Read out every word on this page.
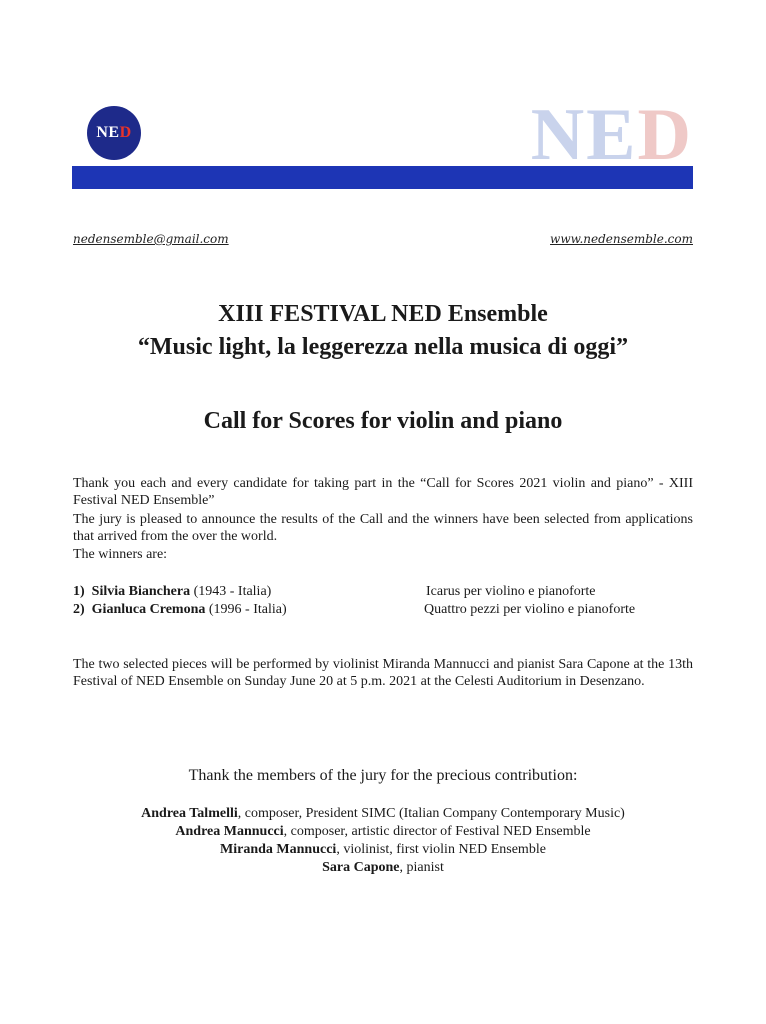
NE D	NED
nedensemble@gmail.com	www.nedensemble.com
XIII FESTIVAL NED Ensemble
“Music light, la leggerezza nella musica di oggi”
Call for Scores for violin and piano
Thank you each and every candidate for taking part in the “Call for Scores 2021 violin and piano” - XIII Festival NED Ensemble”
The jury is pleased to announce the results of the Call and the winners have been selected from applications that arrived from the over the world.
The winners are:
1) Silvia Bianchera (1943 - Italia)	Icarus per violino e pianoforte
2) Gianluca Cremona (1996 - Italia)	Quattro pezzi per violino e pianoforte
The two selected pieces will be performed by violinist Miranda Mannucci and pianist Sara Capone at the 13th Festival of NED Ensemble on Sunday June 20 at 5 p.m. 2021 at the Celesti Auditorium in Desenzano.
Thank the members of the jury for the precious contribution:
Andrea Talmelli, composer, President SIMC (Italian Company Contemporary Music)
Andrea Mannucci, composer, artistic director of Festival NED Ensemble
Miranda Mannucci, violinist, first violin NED Ensemble
Sara Capone, pianist
